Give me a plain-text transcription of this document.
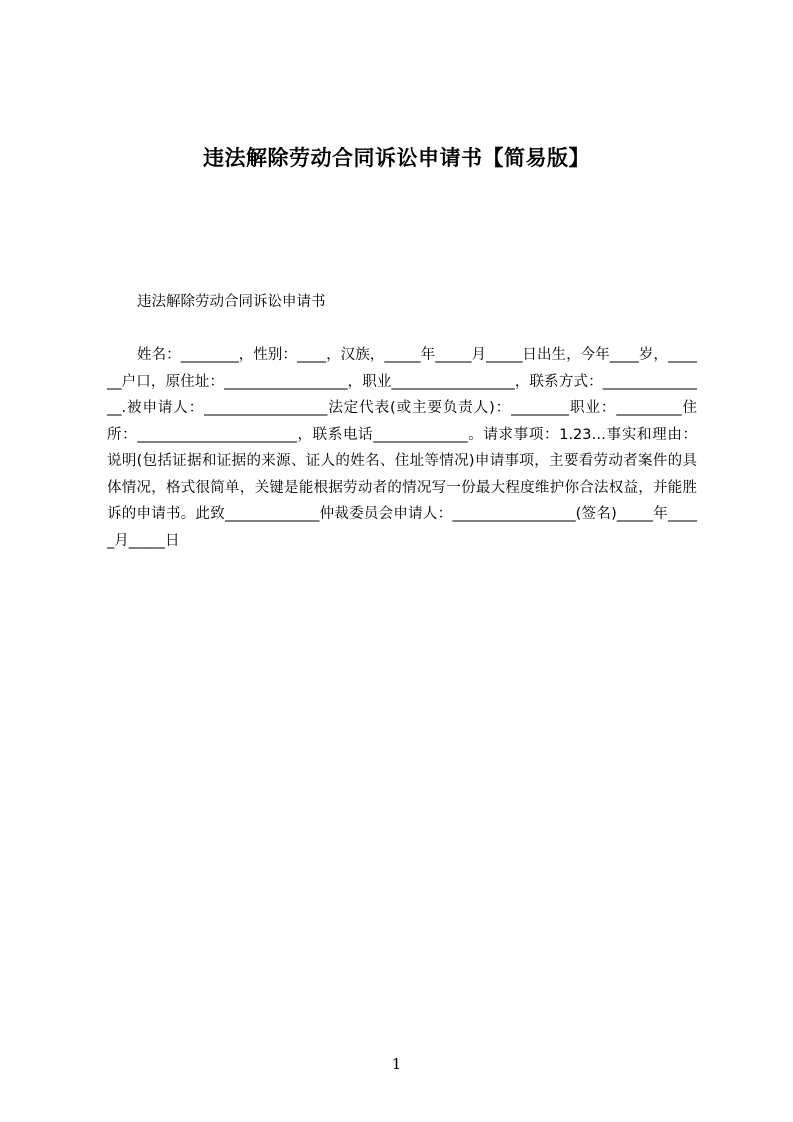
违法解除劳动合同诉讼申请书【简易版】
违法解除劳动合同诉讼申请书

姓名：________，性别：____，汉族，_____年_____月_____日出生，今年____岁，______户口，原住址：_________________，职业_________________，联系方式：_______________.被申请人：_________________法定代表(或主要负责人)：________职业：_________住所：______________________，联系电话_____________。请求事项：1.23…事实和理由：说明(包括证据和证据的来源、证人的姓名、住址等情况)申请事项，主要看劳动者案件的具体情况，格式很简单，关键是能根据劳动者的情况写一份最大程度维护你合法权益，并能胜诉的申请书。此致_____________仲裁委员会申请人：_________________(签名)_____年_____月_____日

1
